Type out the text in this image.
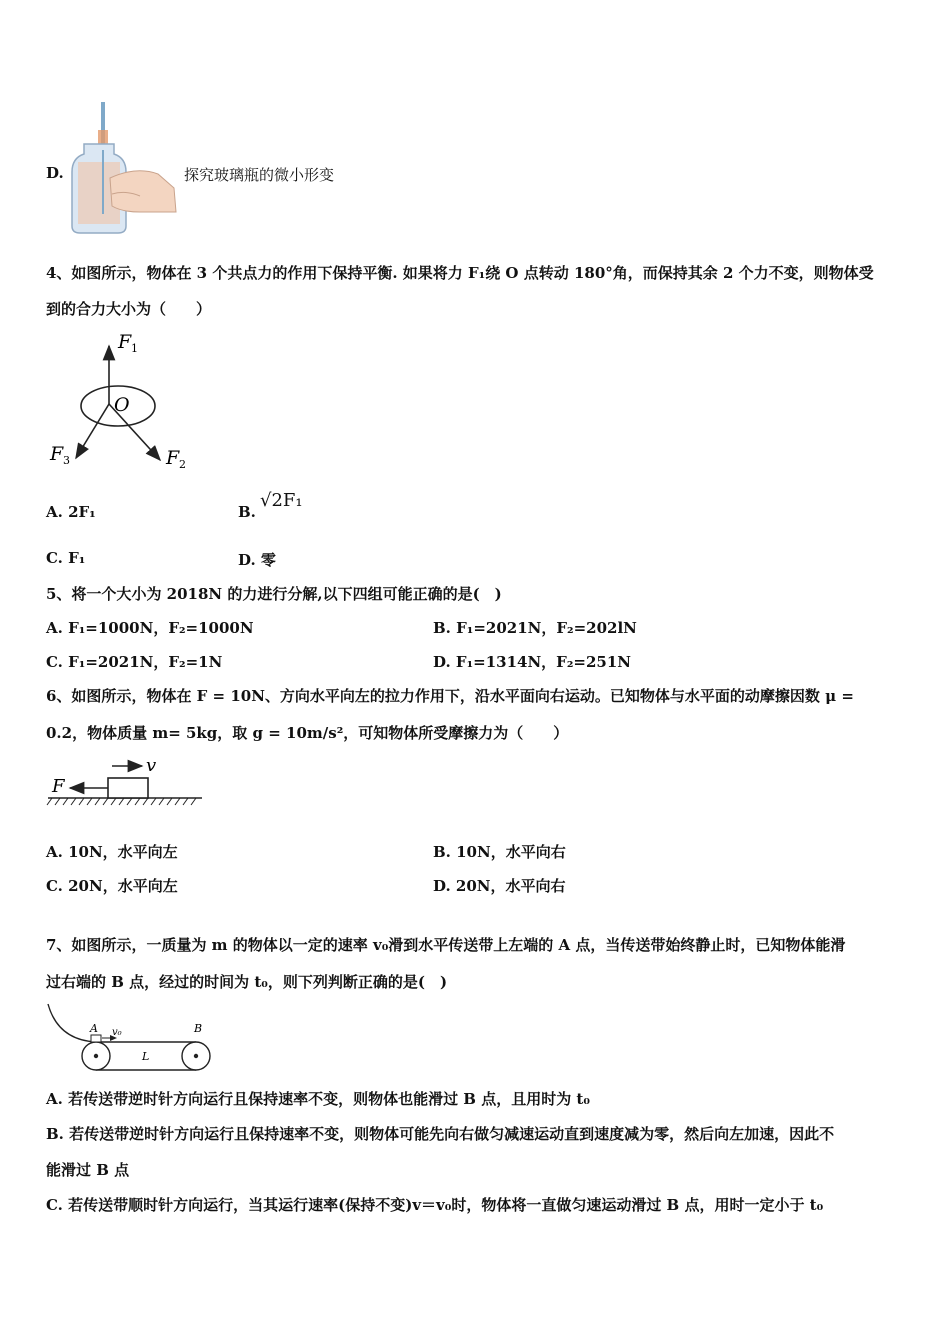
D.	探究玻璃瓶的微小形变
4、如图所示，物体在 3 个共点力的作用下保持平衡. 如果将力 F₁绕 O 点转动 180°角，而保持其余 2 个力不变，则物体受
到的合力大小为（　　）
F 1
O
F 2
F 3
A. 2F₁	B.
√2F₁
C. F₁	D. 零
5、将一个大小为 2018N 的力进行分解,以下四组可能正确的是(　)
A. F₁=1000N，F₂=1000N	B. F₁=2021N，F₂=202lN
C. F₁=2021N，F₂=1N	D. F₁=1314N，F₂=251N
6、如图所示，物体在 F = 10N、方向水平向左的拉力作用下，沿水平面向右运动。已知物体与水平面的动摩擦因数 μ =
0.2，物体质量 m= 5kg，取 g = 10m/s²，可知物体所受摩擦力为（　　）
F
v
A. 10N，水平向左	B. 10N，水平向右
C. 20N，水平向左	D. 20N，水平向右
7、如图所示，一质量为 m 的物体以一定的速率 v₀滑到水平传送带上左端的 A 点，当传送带始终静止时，已知物体能滑
过右端的 B 点，经过的时间为 t₀，则下列判断正确的是(　)
A v₀	B
L
A. 若传送带逆时针方向运行且保持速率不变，则物体也能滑过 B 点，且用时为 t₀
B. 若传送带逆时针方向运行且保持速率不变，则物体可能先向右做匀减速运动直到速度减为零，然后向左加速，因此不
能滑过 B 点
C. 若传送带顺时针方向运行，当其运行速率(保持不变)v＝v₀时，物体将一直做匀速运动滑过 B 点，用时一定小于 t₀
